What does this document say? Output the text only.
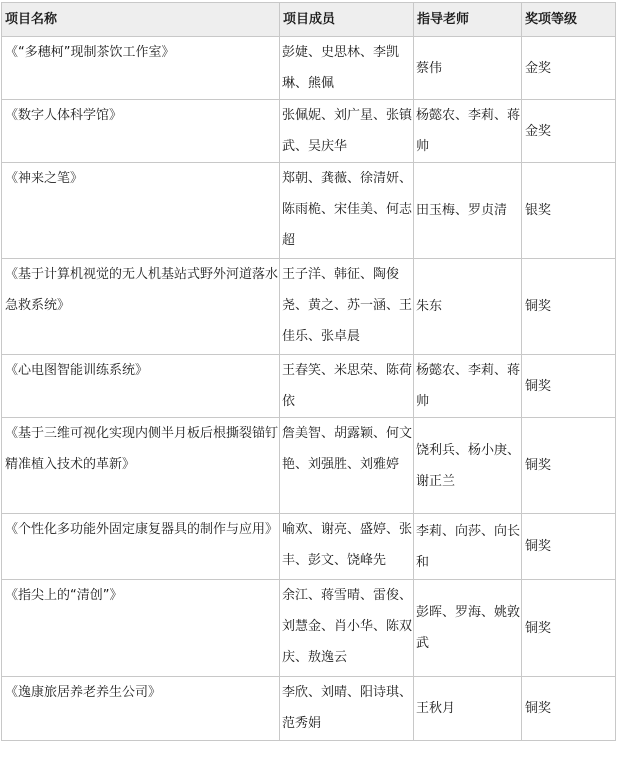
项目名称	项目成员	指导老师	奖项等级
《“多穗柯”现制茶饮工作室》	彭婕、史思林、李凯琳、熊佩	蔡伟	金奖
《数字人体科学馆》	张佩妮、刘广星、张镇武、吴庆华	杨懿农、李莉、蒋帅	金奖
《神来之笔》	郑朝、龚薇、徐清妍、陈雨桅、宋佳美、何志超	田玉梅、罗贞清	银奖
《基于计算机视觉的无人机基站式野外河道落水急救系统》	王子洋、韩征、陶俊尧、黄之、苏一涵、王佳乐、张卓晨	朱东	铜奖
《心电图智能训练系统》	王春笑、米思荣、陈荷依	杨懿农、李莉、蒋帅	铜奖
《基于三维可视化实现内侧半月板后根撕裂锚钉精准植入技术的革新》	詹美智、胡露颖、何文艳、刘强胜、刘雅婷	饶利兵、杨小庚、谢正兰	铜奖
《个性化多功能外固定康复器具的制作与应用》	喻欢、谢亮、盛婷、张丰、彭文、饶峰先	李莉、向莎、向长和	铜奖
《指尖上的“清创”》	余江、蒋雪晴、雷俊、刘慧金、肖小华、陈双庆、敖逸云	彭晖、罗海、姚敦武	铜奖
《逸康旅居养老养生公司》	李欣、刘晴、阳诗琪、范秀娟	王秋月	铜奖
